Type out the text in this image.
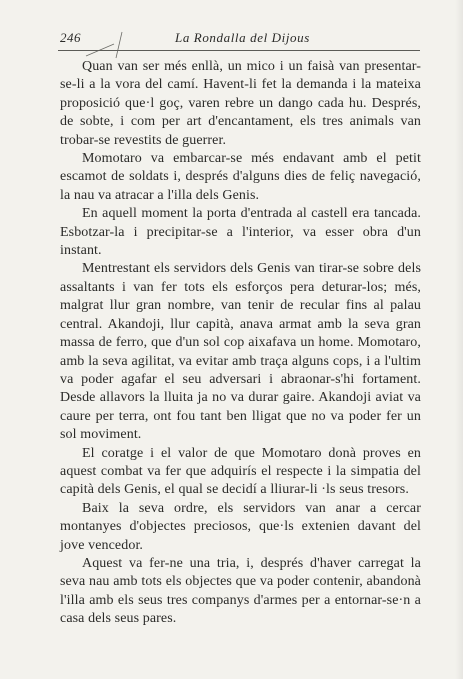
246	La Rondalla del Dijous

Quan van ser més enllà, un mico i un faisà van presentar-se-li a la vora del camí. Havent-li fet la demanda i la mateixa proposició que·l goç, varen rebre un dango cada hu. Després, de sobte, i com per art d'encantament, els tres animals van trobar-se revestits de guerrer.

Momotaro va embarcar-se més endavant amb el petit escamot de soldats i, després d'alguns dies de feliç navegació, la nau va atracar a l'illa dels Genis.

En aquell moment la porta d'entrada al castell era tancada. Esbotzar-la i precipitar-se a l'interior, va esser obra d'un instant.

Mentrestant els servidors dels Genis van tirar-se sobre dels assaltants i van fer tots els esforços pera deturar-los; més, malgrat llur gran nombre, van tenir de recular fins al palau central. Akandoji, llur capità, anava armat amb la seva gran massa de ferro, que d'un sol cop aixafava un home. Momotaro, amb la seva agilitat, va evitar amb traça alguns cops, i a l'ultim va poder agafar el seu adversari i abraonar-s'hi fortament. Desde allavors la lluita ja no va durar gaire. Akandoji aviat va caure per terra, ont fou tant ben lligat que no va poder fer un sol moviment.

El coratge i el valor de que Momotaro donà proves en aquest combat va fer que adquirís el respecte i la simpatia del capità dels Genis, el qual se decidí a lliurar-li ·ls seus tresors.

Baix la seva ordre, els servidors van anar a cercar montanyes d'objectes preciosos, que·ls extenien davant del jove vencedor.

Aquest va fer-ne una tria, i, després d'haver carregat la seva nau amb tots els objectes que va poder contenir, abandonà l'illa amb els seus tres companys d'armes per a entornar-se·n a casa dels seus pares.
